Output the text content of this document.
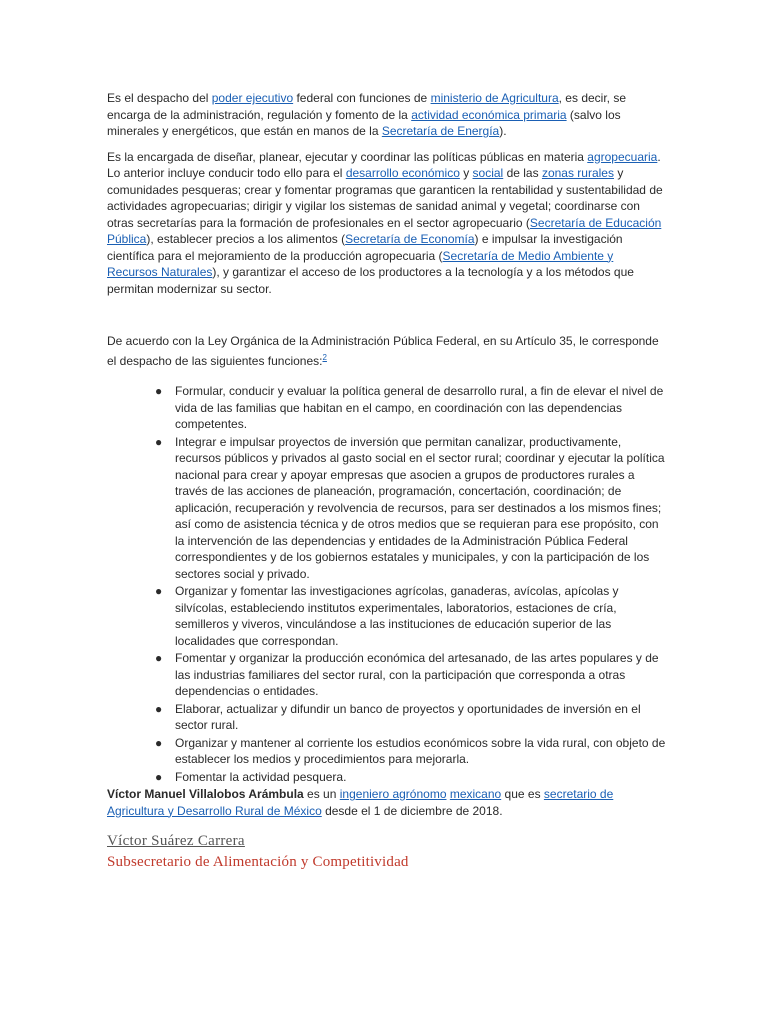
Es el despacho del poder ejecutivo federal con funciones de ministerio de Agricultura, es decir, se encarga de la administración, regulación y fomento de la actividad económica primaria (salvo los minerales y energéticos, que están en manos de la Secretaría de Energía).

Es la encargada de diseñar, planear, ejecutar y coordinar las políticas públicas en materia agropecuaria. Lo anterior incluye conducir todo ello para el desarrollo económico y social de las zonas rurales y comunidades pesqueras; crear y fomentar programas que garanticen la rentabilidad y sustentabilidad de actividades agropecuarias; dirigir y vigilar los sistemas de sanidad animal y vegetal; coordinarse con otras secretarías para la formación de profesionales en el sector agropecuario (Secretaría de Educación Pública), establecer precios a los alimentos (Secretaría de Economía) e impulsar la investigación científica para el mejoramiento de la producción agropecuaria (Secretaría de Medio Ambiente y Recursos Naturales), y garantizar el acceso de los productores a la tecnología y a los métodos que permitan modernizar su sector.

De acuerdo con la Ley Orgánica de la Administración Pública Federal, en su Artículo 35, le corresponde el despacho de las siguientes funciones:$^2$

● Formular, conducir y evaluar la política general de desarrollo rural, a fin de elevar el nivel de vida de las familias que habitan en el campo, en coordinación con las dependencias competentes.
● Integrar e impulsar proyectos de inversión que permitan canalizar, productivamente, recursos públicos y privados al gasto social en el sector rural; coordinar y ejecutar la política nacional para crear y apoyar empresas que asocien a grupos de productores rurales a través de las acciones de planeación, programación, concertación, coordinación; de aplicación, recuperación y revolvencia de recursos, para ser destinados a los mismos fines; así como de asistencia técnica y de otros medios que se requieran para ese propósito, con la intervención de las dependencias y entidades de la Administración Pública Federal correspondientes y de los gobiernos estatales y municipales, y con la participación de los sectores social y privado.
● Organizar y fomentar las investigaciones agrícolas, ganaderas, avícolas, apícolas y silvícolas, estableciendo institutos experimentales, laboratorios, estaciones de cría, semilleros y viveros, vinculándose a las instituciones de educación superior de las localidades que correspondan.
● Fomentar y organizar la producción económica del artesanado, de las artes populares y de las industrias familiares del sector rural, con la participación que corresponda a otras dependencias o entidades.
● Elaborar, actualizar y difundir un banco de proyectos y oportunidades de inversión en el sector rural.
● Organizar y mantener al corriente los estudios económicos sobre la vida rural, con objeto de establecer los medios y procedimientos para mejorarla.
● Fomentar la actividad pesquera.

Víctor Manuel Villalobos Arámbula es un ingeniero agrónomo mexicano que es secretario de Agricultura y Desarrollo Rural de México desde el 1 de diciembre de 2018.

Víctor Suárez Carrera
Subsecretario de Alimentación y Competitividad
